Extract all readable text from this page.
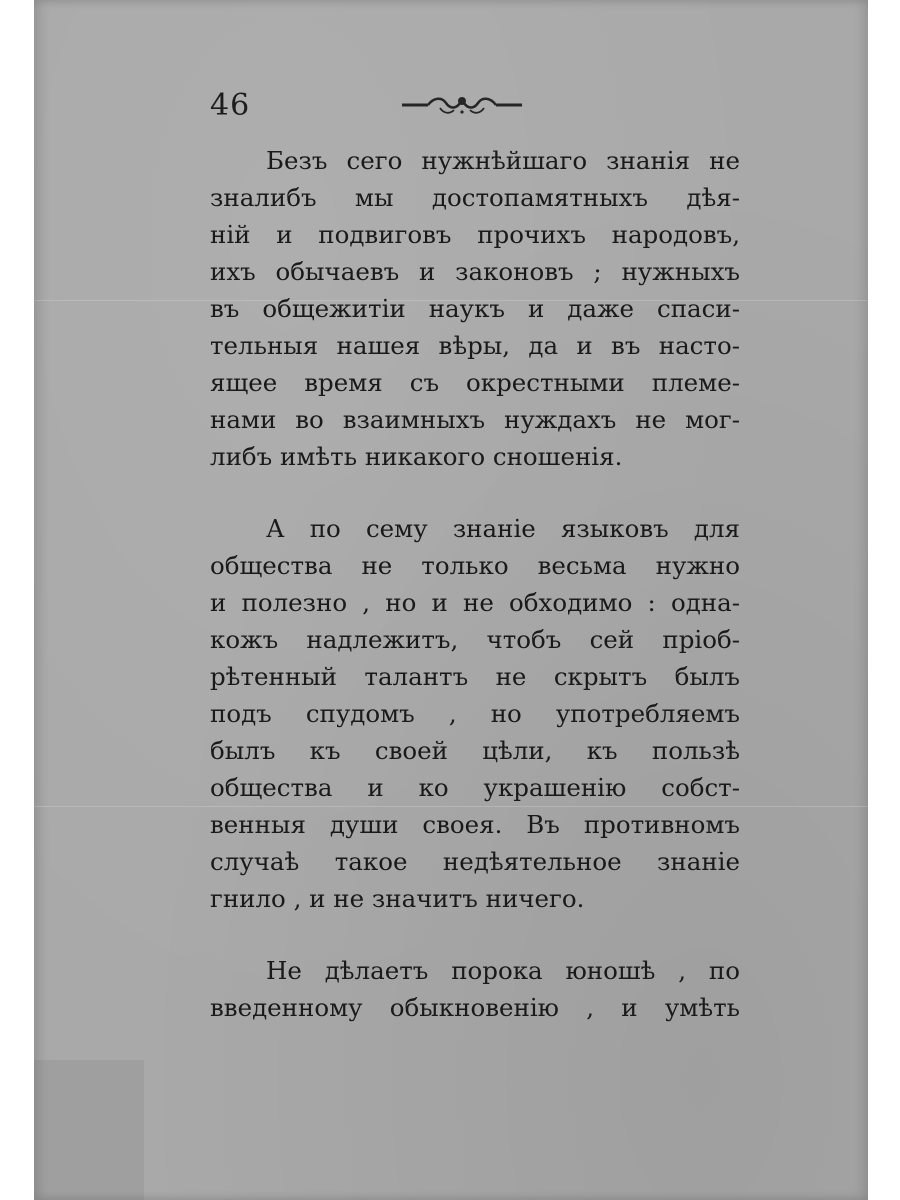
46
Безъ сего нужнѣйшаго знанія не
зналибъ мы достопамятныхъ дѣя-
ній и подвиговъ прочихъ народовъ,
ихъ обычаевъ и законовъ ; нужныхъ
въ общежитіи наукъ и даже спаси-
тельныя нашея вѣры, да и въ насто-
ящее время съ окрестными племе-
нами во взаимныхъ нуждахъ не мог-
либъ имѣть никакого сношенія.
А по сему знаніе языковъ для
общества не только весьма нужно
и полезно , но и не обходимо : одна-
кожъ надлежитъ, чтобъ сей пріоб-
рѣтенный талантъ не скрытъ былъ
подъ спудомъ , но употребляемъ
былъ къ своей цѣли, къ пользѣ
общества и ко украшенію собст-
венныя души своея. Въ противномъ
случаѣ такое недѣятельное знаніе
гнило , и не значитъ ничего.
Не дѣлаетъ порока юношѣ , по
введенному обыкновенію , и умѣть
